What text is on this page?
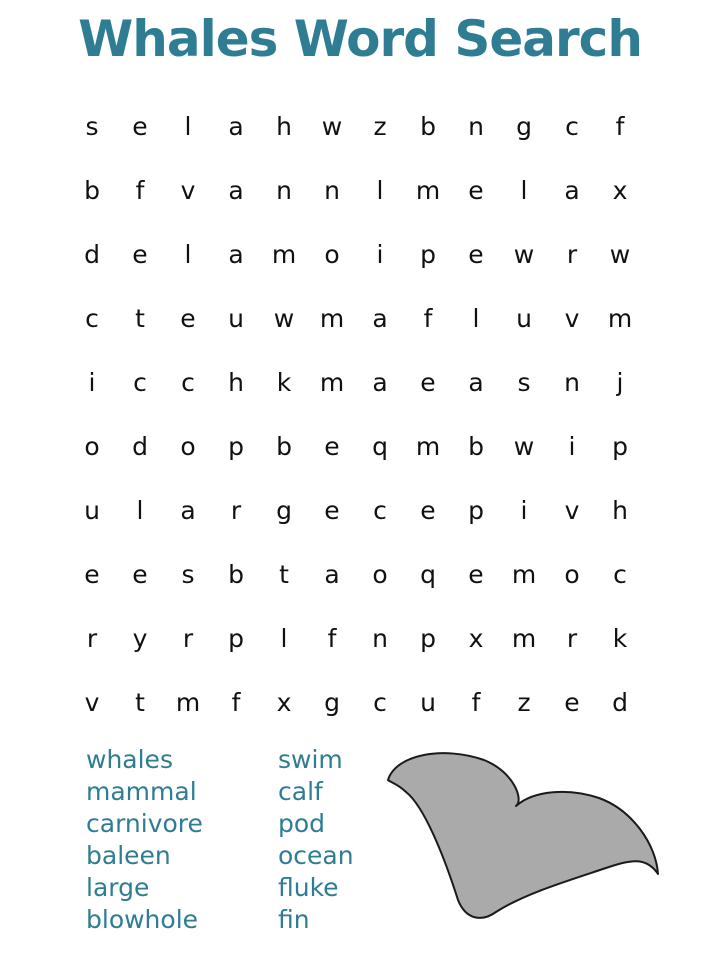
Whales Word Search
s	e	l	a	h	w	z	b	n	g	c	f
b	f	v	a	n	n	l	m	e	l	a	x
d	e	l	a	m	o	i	p	e	w	r	w
c	t	e	u	w	m	a	f	l	u	v	m
i	c	c	h	k	m	a	e	a	s	n	j
o	d	o	p	b	e	q	m	b	w	i	p
u	l	a	r	g	e	c	e	p	i	v	h
e	e	s	b	t	a	o	q	e	m	o	c
r	y	r	p	l	f	n	p	x	m	r	k
v	t	m	f	x	g	c	u	f	z	e	d
whales
mammal
carnivore
baleen
large
blowhole
swim
calf
pod
ocean
fluke
fin
